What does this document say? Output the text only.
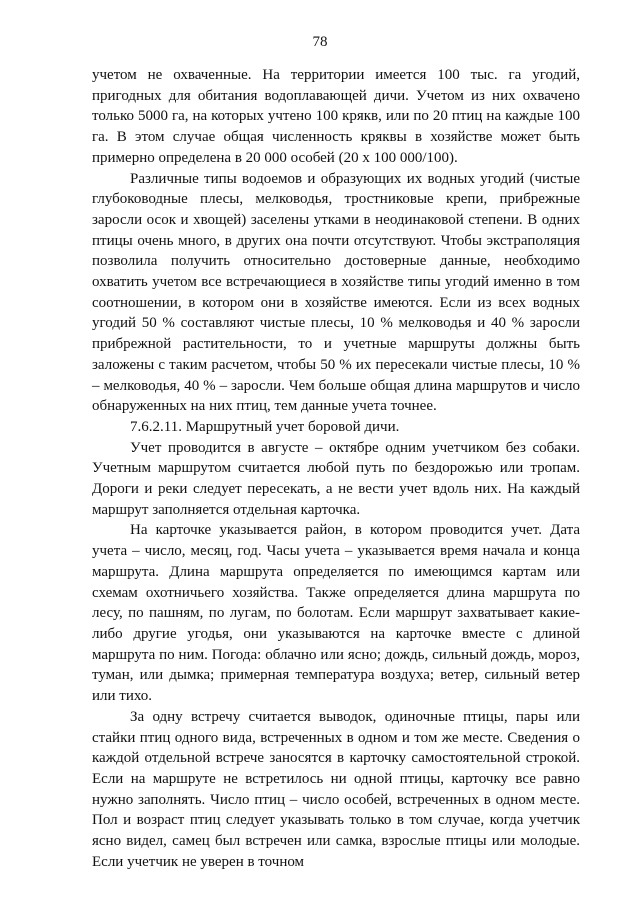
78

учетом не охваченные. На территории имеется 100 тыс. га угодий, пригодных для обитания водоплавающей дичи. Учетом из них охвачено только 5000 га, на которых учтено 100 крякв, или по 20 птиц на каждые 100 га. В этом случае общая численность кряквы в хозяйстве может быть примерно определена в 20 000 особей (20 х 100 000/100).

Различные типы водоемов и образующих их водных угодий (чистые глубоководные плесы, мелководья, тростниковые крепи, прибрежные заросли осок и хвощей) заселены утками в неодинаковой степени. В одних птицы очень много, в других она почти отсутствуют. Чтобы экстраполяция позволила получить относительно достоверные данные, необходимо охватить учетом все встречающиеся в хозяйстве типы угодий именно в том соотношении, в котором они в хозяйстве имеются. Если из всех водных угодий 50 % составляют чистые плесы, 10 % мелководья и 40 % заросли прибрежной растительности, то и учетные маршруты должны быть заложены с таким расчетом, чтобы 50 % их пересекали чистые плесы, 10 % – мелководья, 40 % – заросли. Чем больше общая длина маршрутов и число обнаруженных на них птиц, тем данные учета точнее.

7.6.2.11. Маршрутный учет боровой дичи.

Учет проводится в августе – октябре одним учетчиком без собаки. Учетным маршрутом считается любой путь по бездорожью или тропам. Дороги и реки следует пересекать, а не вести учет вдоль них. На каждый маршрут заполняется отдельная карточка.

На карточке указывается район, в котором проводится учет. Дата учета – число, месяц, год. Часы учета – указывается время начала и конца маршрута. Длина маршрута определяется по имеющимся картам или схемам охотничьего хозяйства. Также определяется длина маршрута по лесу, по пашням, по лугам, по болотам. Если маршрут захватывает какие-либо другие угодья, они указываются на карточке вместе с длиной маршрута по ним. Погода: облачно или ясно; дождь, сильный дождь, мороз, туман, или дымка; примерная температура воздуха; ветер, сильный ветер или тихо.

За одну встречу считается выводок, одиночные птицы, пары или стайки птиц одного вида, встреченных в одном и том же месте. Сведения о каждой отдельной встрече заносятся в карточку самостоятельной строкой. Если на маршруте не встретилось ни одной птицы, карточку все равно нужно заполнять. Число птиц – число особей, встреченных в одном месте. Пол и возраст птиц следует указывать только в том случае, когда учетчик ясно видел, самец был встречен или самка, взрослые птицы или молодые. Если учетчик не уверен в точном
